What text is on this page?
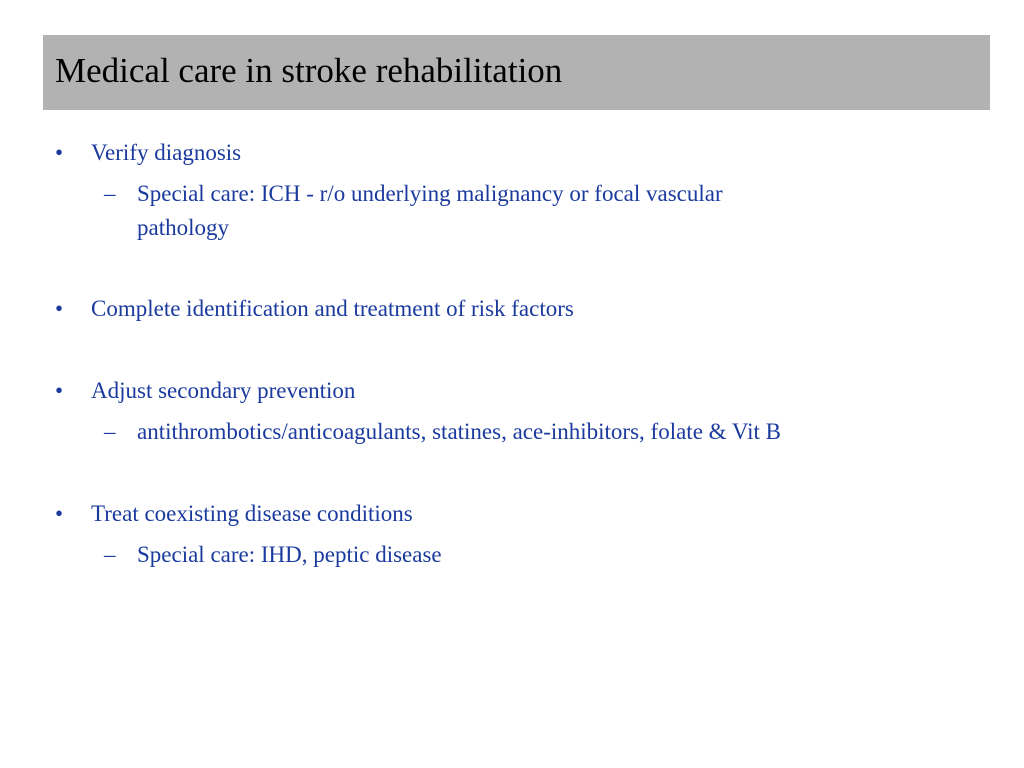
Medical care in stroke rehabilitation
• Verify diagnosis
– Special care: ICH - r/o underlying malignancy or focal vascular
pathology
• Complete identification and treatment of risk factors
• Adjust secondary prevention
– antithrombotics/anticoagulants, statines, ace-inhibitors, folate & Vit B
• Treat coexisting disease conditions
– Special care: IHD, peptic disease
